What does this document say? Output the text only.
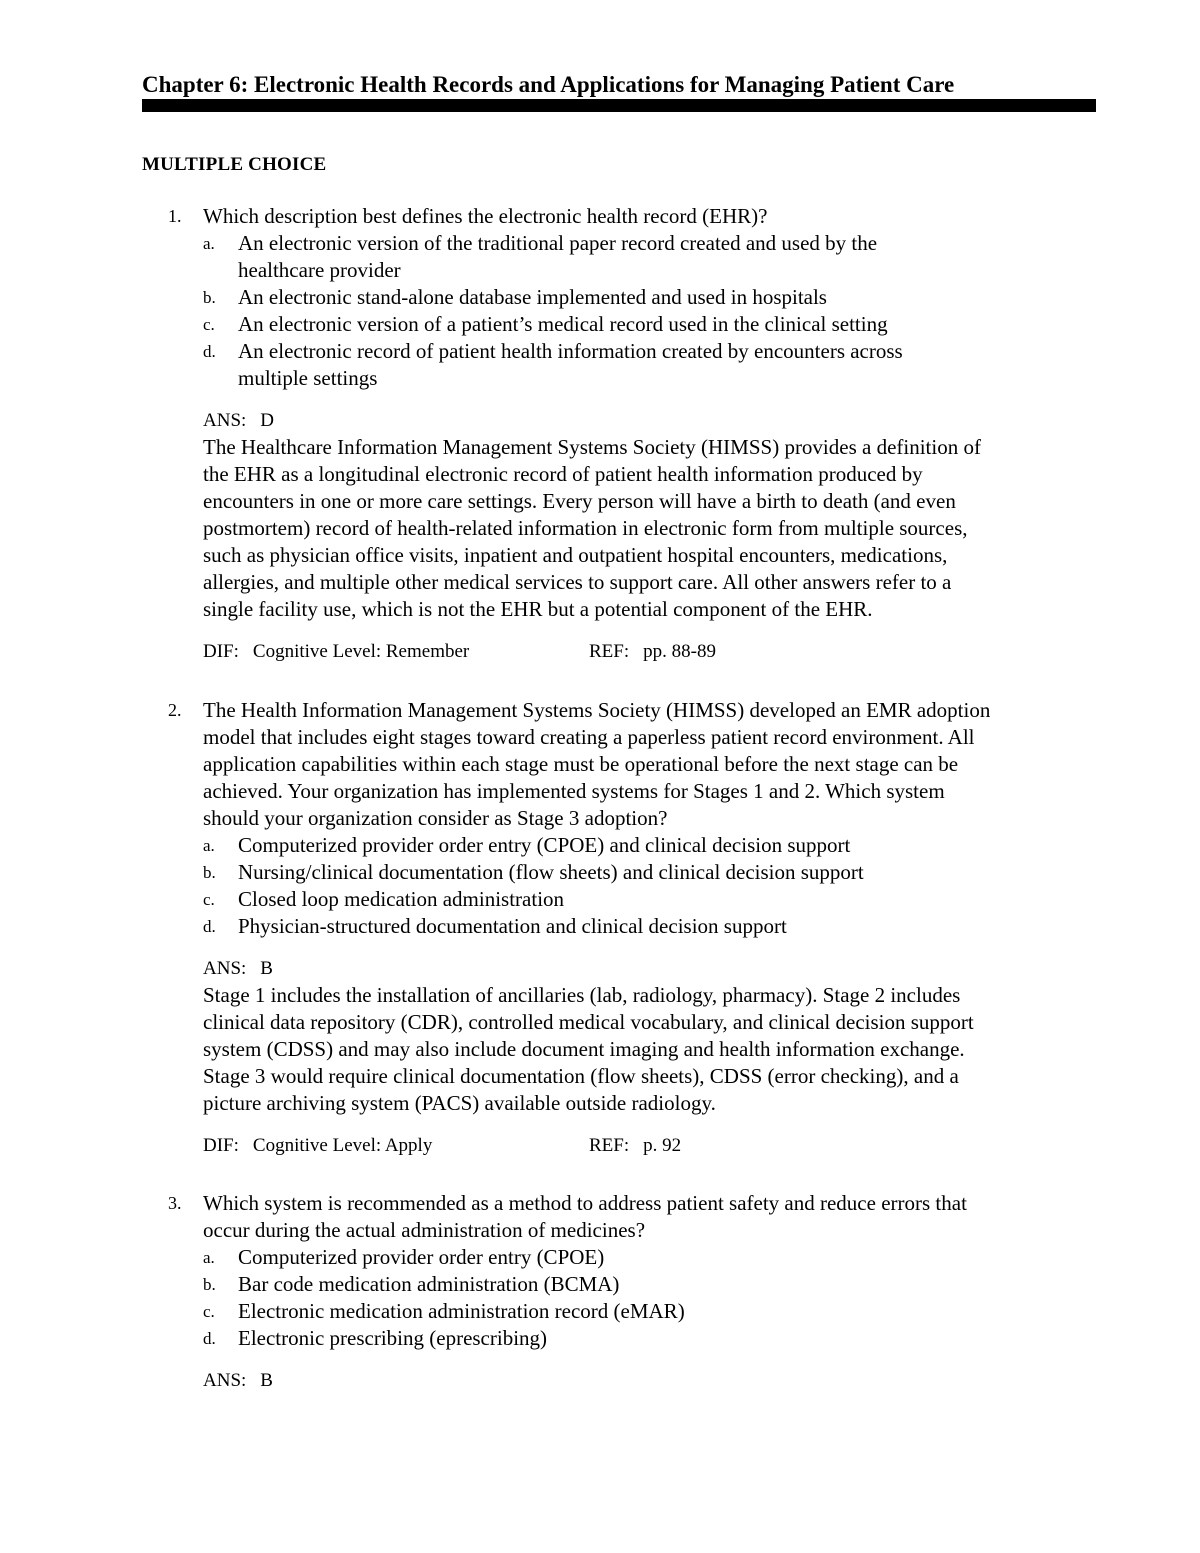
Chapter 6: Electronic Health Records and Applications for Managing Patient Care
MULTIPLE CHOICE
1. Which description best defines the electronic health record (EHR)?
a. An electronic version of the traditional paper record created and used by the
healthcare provider
b. An electronic stand-alone database implemented and used in hospitals
c. An electronic version of a patient’s medical record used in the clinical setting
d. An electronic record of patient health information created by encounters across
multiple settings
ANS: D
The Healthcare Information Management Systems Society (HIMSS) provides a definition of
the EHR as a longitudinal electronic record of patient health information produced by
encounters in one or more care settings. Every person will have a birth to death (and even
postmortem) record of health-related information in electronic form from multiple sources,
such as physician office visits, inpatient and outpatient hospital encounters, medications,
allergies, and multiple other medical services to support care. All other answers refer to a
single facility use, which is not the EHR but a potential component of the EHR.
DIF: Cognitive Level: Remember	REF: pp. 88-89
2. The Health Information Management Systems Society (HIMSS) developed an EMR adoption
model that includes eight stages toward creating a paperless patient record environment. All
application capabilities within each stage must be operational before the next stage can be
achieved. Your organization has implemented systems for Stages 1 and 2. Which system
should your organization consider as Stage 3 adoption?
a. Computerized provider order entry (CPOE) and clinical decision support
b. Nursing/clinical documentation (flow sheets) and clinical decision support
c. Closed loop medication administration
d. Physician-structured documentation and clinical decision support
ANS: B
Stage 1 includes the installation of ancillaries (lab, radiology, pharmacy). Stage 2 includes
clinical data repository (CDR), controlled medical vocabulary, and clinical decision support
system (CDSS) and may also include document imaging and health information exchange.
Stage 3 would require clinical documentation (flow sheets), CDSS (error checking), and a
picture archiving system (PACS) available outside radiology.
DIF: Cognitive Level: Apply	REF: p. 92
3. Which system is recommended as a method to address patient safety and reduce errors that
occur during the actual administration of medicines?
a. Computerized provider order entry (CPOE)
b. Bar code medication administration (BCMA)
c. Electronic medication administration record (eMAR)
d. Electronic prescribing (eprescribing)
ANS: B
